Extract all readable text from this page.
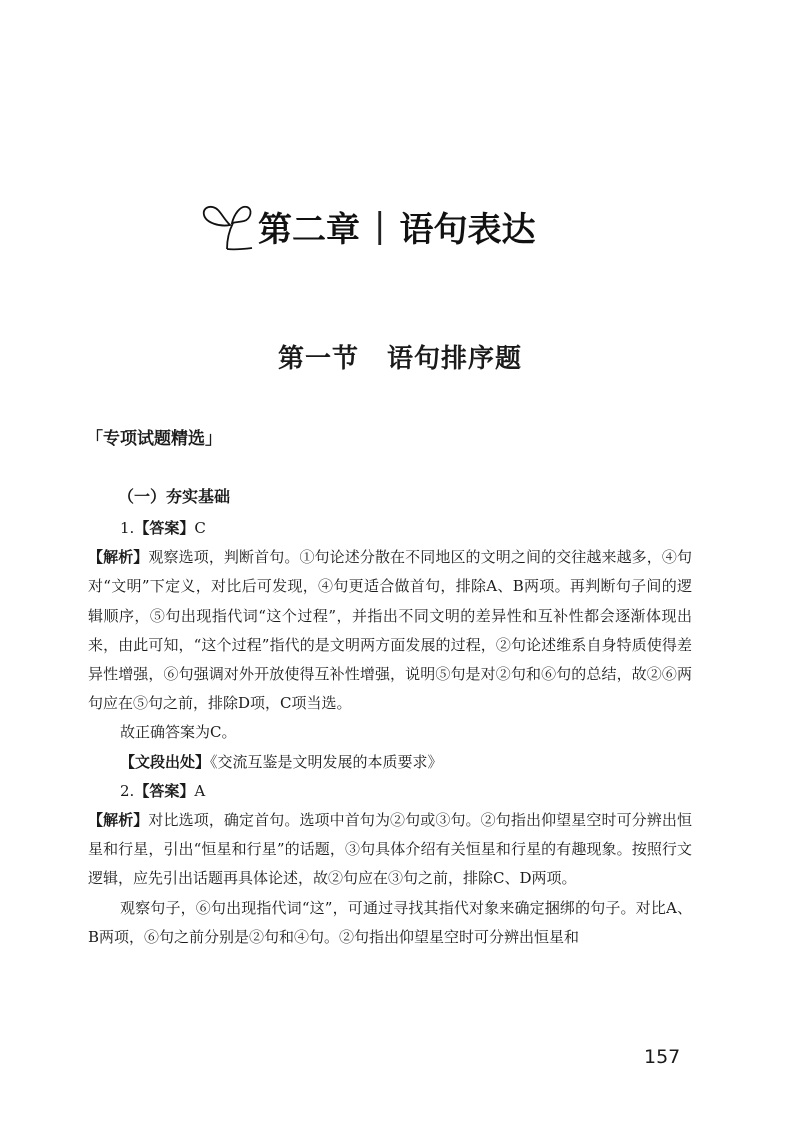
第二章 | 语句表达
第一节 语句排序题
「专项试题精选」
（一）夯实基础

1.【答案】C

【解析】观察选项，判断首句。①句论述分散在不同地区的文明之间的交往越来越多，④句对“文明”下定义，对比后可发现，④句更适合做首句，排除A、B两项。再判断句子间的逻辑顺序，⑤句出现指代词“这个过程”，并指出不同文明的差异性和互补性都会逐渐体现出来，由此可知，“这个过程”指代的是文明两方面发展的过程，②句论述维系自身特质使得差异性增强，⑥句强调对外开放使得互补性增强，说明⑤句是对②句和⑥句的总结，故②⑥两句应在⑤句之前，排除D项，C项当选。

故正确答案为C。

【文段出处】《交流互鉴是文明发展的本质要求》

2.【答案】A

【解析】对比选项，确定首句。选项中首句为②句或③句。②句指出仰望星空时可分辨出恒星和行星，引出“恒星和行星”的话题，③句具体介绍有关恒星和行星的有趣现象。按照行文逻辑，应先引出话题再具体论述，故②句应在③句之前，排除C、D两项。

观察句子，⑥句出现指代词“这”，可通过寻找其指代对象来确定捆绑的句子。对比A、B两项，⑥句之前分别是②句和④句。②句指出仰望星空时可分辨出恒星和

157
